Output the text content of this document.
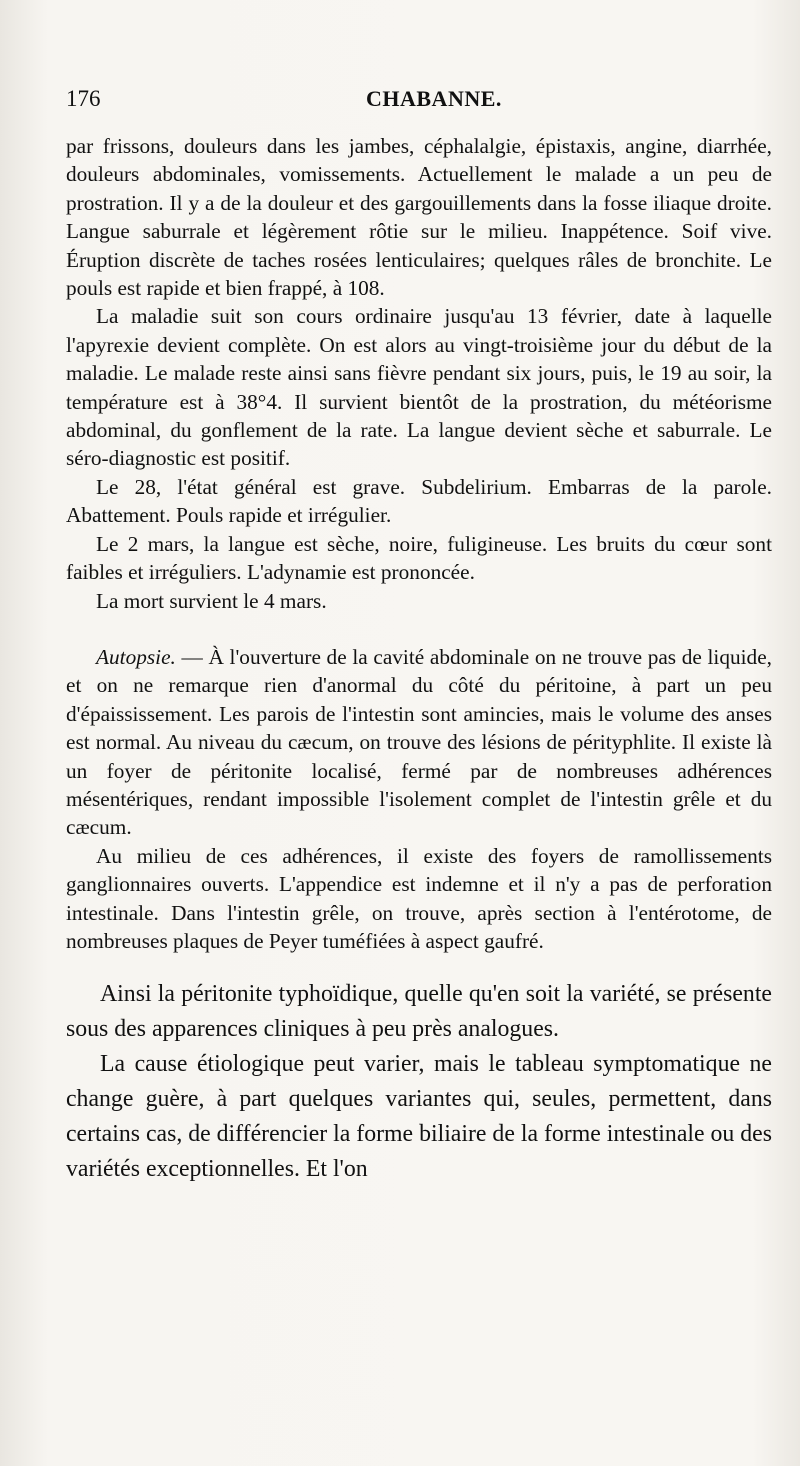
176	CHABANNE.

par frissons, douleurs dans les jambes, céphalalgie, épistaxis, angine, diarrhée, douleurs abdominales, vomissements. Actuellement le malade a un peu de prostration. Il y a de la douleur et des gargouillements dans la fosse iliaque droite. Langue saburrale et légèrement rôtie sur le milieu. Inappétence. Soif vive. Éruption discrète de taches rosées lenticulaires; quelques râles de bronchite. Le pouls est rapide et bien frappé, à 108.

La maladie suit son cours ordinaire jusqu'au 13 février, date à laquelle l'apyrexie devient complète. On est alors au vingt-troisième jour du début de la maladie. Le malade reste ainsi sans fièvre pendant six jours, puis, le 19 au soir, la température est à 38°4. Il survient bientôt de la prostration, du météorisme abdominal, du gonflement de la rate. La langue devient sèche et saburrale. Le séro-diagnostic est positif.

Le 28, l'état général est grave. Subdelirium. Embarras de la parole. Abattement. Pouls rapide et irrégulier.

Le 2 mars, la langue est sèche, noire, fuligineuse. Les bruits du cœur sont faibles et irréguliers. L'adynamie est prononcée.

La mort survient le 4 mars.

Autopsie. — À l'ouverture de la cavité abdominale on ne trouve pas de liquide, et on ne remarque rien d'anormal du côté du péritoine, à part un peu d'épaississement. Les parois de l'intestin sont amincies, mais le volume des anses est normal. Au niveau du cæcum, on trouve des lésions de pérityphlite. Il existe là un foyer de péritonite localisé, fermé par de nombreuses adhérences mésentériques, rendant impossible l'isolement complet de l'intestin grêle et du cæcum.

Au milieu de ces adhérences, il existe des foyers de ramollissements ganglionnaires ouverts. L'appendice est indemne et il n'y a pas de perforation intestinale. Dans l'intestin grêle, on trouve, après section à l'entérotome, de nombreuses plaques de Peyer tuméfiées à aspect gaufré.

Ainsi la péritonite typhoïdique, quelle qu'en soit la variété, se présente sous des apparences cliniques à peu près analogues.

La cause étiologique peut varier, mais le tableau symptomatique ne change guère, à part quelques variantes qui, seules, permettent, dans certains cas, de différencier la forme biliaire de la forme intestinale ou des variétés exceptionnelles. Et l'on
